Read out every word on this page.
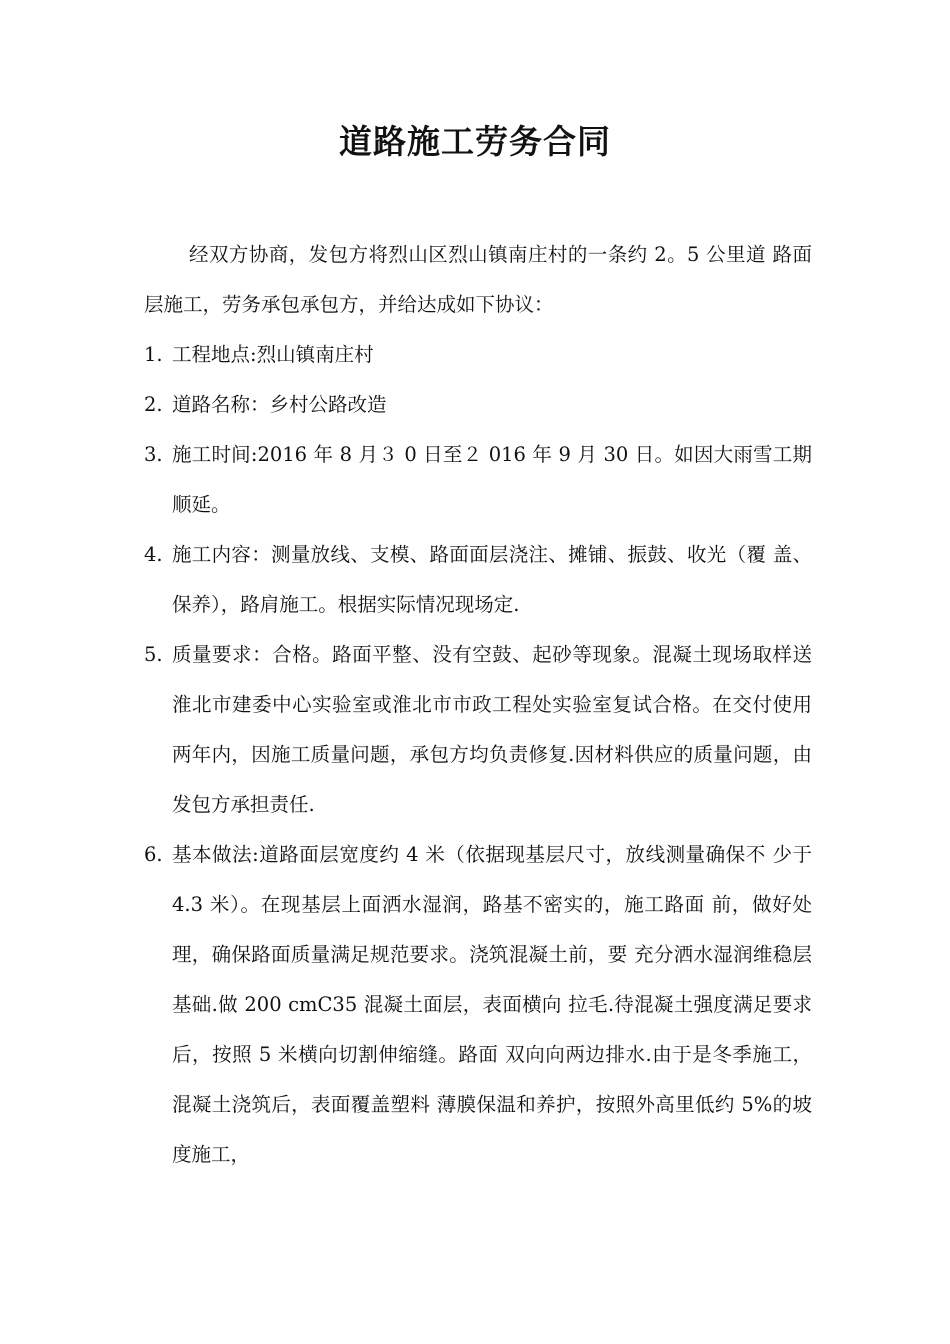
道路施工劳务合同

经双方协商，发包方将烈山区烈山镇南庄村的一条约 2。5 公里道 路面层施工，劳务承包承包方，并给达成如下协议：

1. 工程地点:烈山镇南庄村
2. 道路名称：乡村公路改造
3. 施工时间:2016 年 8 月３ 0 日至２ 016 年 9 月 30 日。如因大雨雪工期顺延。
4. 施工内容：测量放线、支模、路面面层浇注、摊铺、振鼓、收光（覆 盖、保养），路肩施工。根据实际情况现场定.
5. 质量要求：合格。路面平整、没有空鼓、起砂等现象。混凝土现场取样送淮北市建委中心实验室或淮北市市政工程处实验室复试合格。在交付使用两年内，因施工质量问题，承包方均负责修复.因材料供应的质量问题，由发包方承担责任.
6. 基本做法:道路面层宽度约 4 米（依据现基层尺寸，放线测量确保不 少于 4.3 米）。在现基层上面洒水湿润，路基不密实的，施工路面 前，做好处理，确保路面质量满足规范要求。浇筑混凝土前，要 充分洒水湿润维稳层基础.做 200 cmC35 混凝土面层，表面横向 拉毛.待混凝土强度满足要求后，按照 5 米横向切割伸缩缝。路面 双向向两边排水.由于是冬季施工，混凝土浇筑后，表面覆盖塑料 薄膜保温和养护，按照外高里低约 5%的坡度施工，
